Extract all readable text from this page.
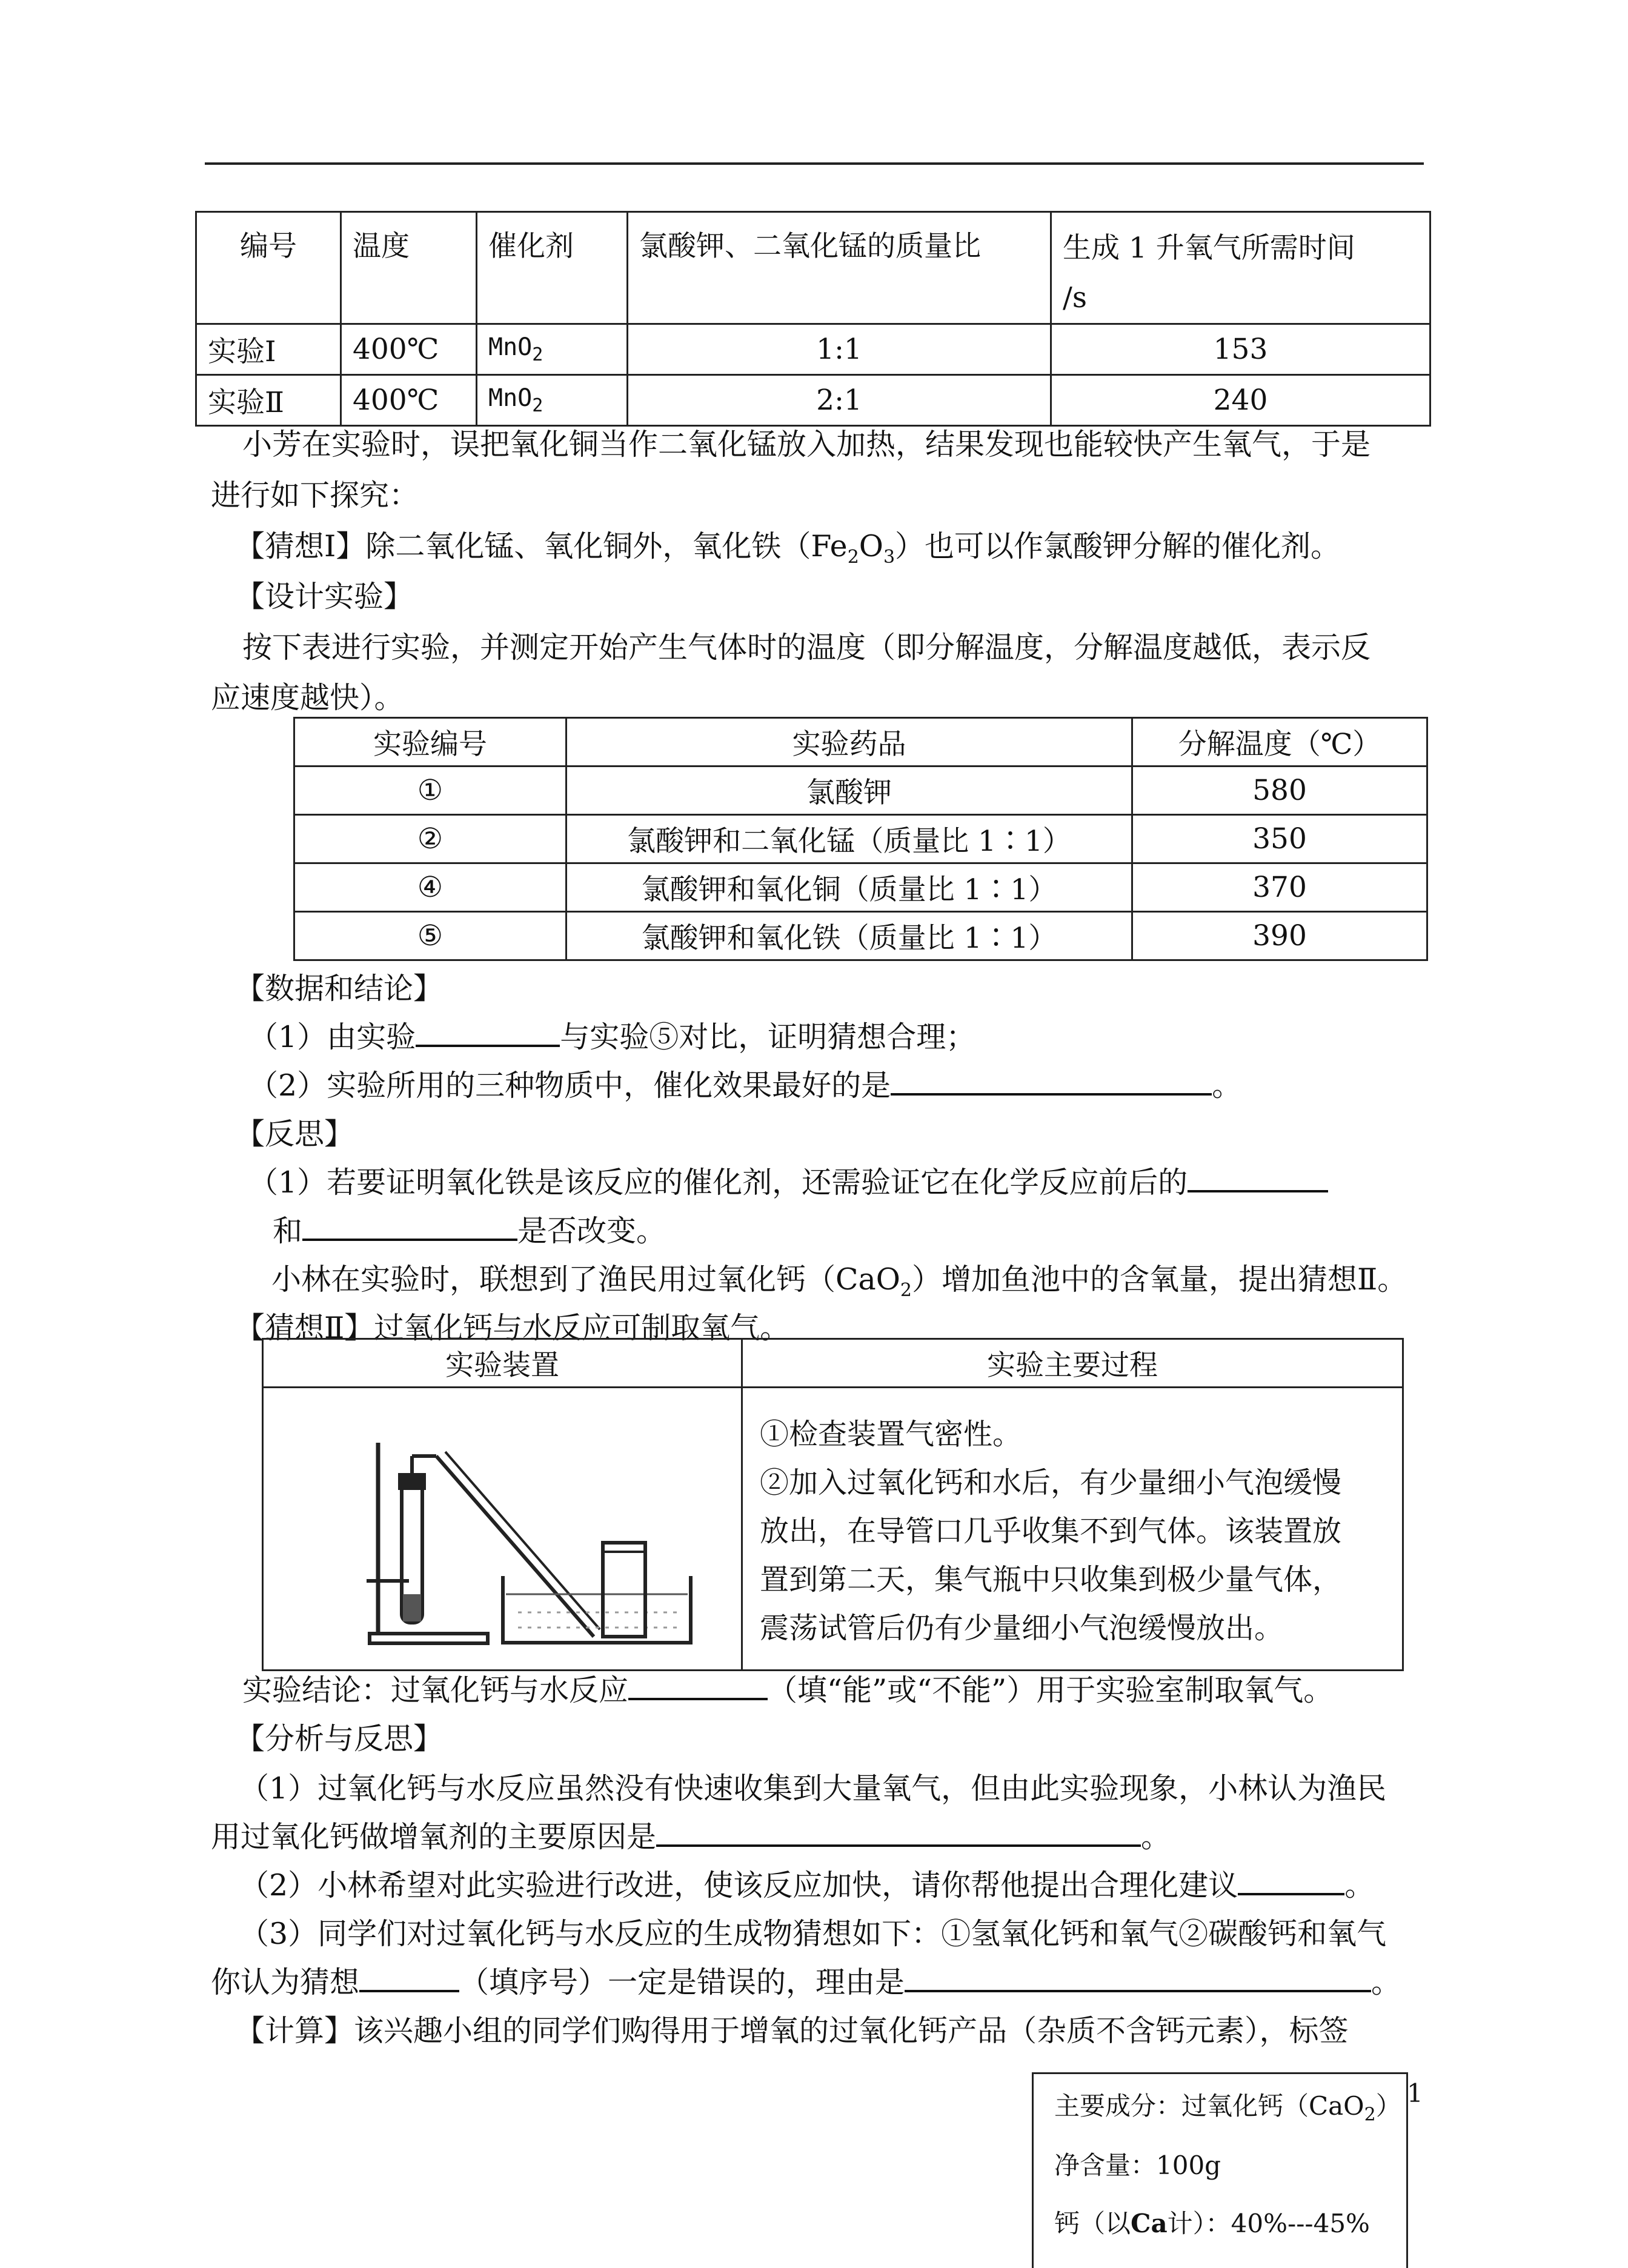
编号	温度	催化剂	氯酸钾、二氧化锰的质量比	生成 1 升氧气所需时间
/s
实验Ⅰ	400℃	MnO$_2$	1:1	153
实验Ⅱ	400℃	MnO$_2$	2:1	240
小芳在实验时，误把氧化铜当作二氧化锰放入加热，结果发现也能较快产生氧气，于是
进行如下探究：
【猜想Ⅰ】除二氧化锰、氧化铜外，氧化铁$(Fe_2O_3)$也可以作氯酸钾分解的催化剂。
【设计实验】
按下表进行实验，并测定开始产生气体时的温度（即分解温度，分解温度越低，表示反
应速度越快）。
实验编号	实验药品	分解温度（℃）
①	氯酸钾	580
②	氯酸钾和二氧化锰（质量比 1∶1）	350
④	氯酸钾和氧化铜（质量比 1∶1）	370
⑤	氯酸钾和氧化铁（质量比 1∶1）	390
【数据和结论】
（1）由实验	与实验⑤对比，证明猜想合理；
（2）实验所用的三种物质中，催化效果最好的是	。
【反思】
（1）若要证明氧化铁是该反应的催化剂，还需验证它在化学反应前后的
和	是否改变。
小林在实验时，联想到了渔民用过氧化钙（CaO$_2$）增加鱼池中的含氧量，提出猜想Ⅱ。
【猜想Ⅱ】过氧化钙与水反应可制取氧气。
实验装置	实验主要过程

①检查装置气密性。
②加入过氧化钙和水后，有少量细小气泡缓慢
放出，在导管口几乎收集不到气体。该装置放
置到第二天，集气瓶中只收集到极少量气体，
震荡试管后仍有少量细小气泡缓慢放出。
实验结论：过氧化钙与水反应	（填“能”或“不能”）用于实验室制取氧气。
【分析与反思】
（1）过氧化钙与水反应虽然没有快速收集到大量氧气，但由此实验现象，小林认为渔民
用过氧化钙做增氧剂的主要原因是	。
（2）小林希望对此实验进行改进，使该反应加快，请你帮他提出合理化建议	。
（3）同学们对过氧化钙与水反应的生成物猜想如下：①氢氧化钙和氧气②碳酸钙和氧气
你认为猜想	（填序号）一定是错误的，理由是	。
【计算】该兴趣小组的同学们购得用于增氧的过氧化钙产品（杂质不含钙元素），标签
1
主要成分：过氧化钙（CaO$_2$）
净含量：100g
钙（以Ca计）：40%---45%
